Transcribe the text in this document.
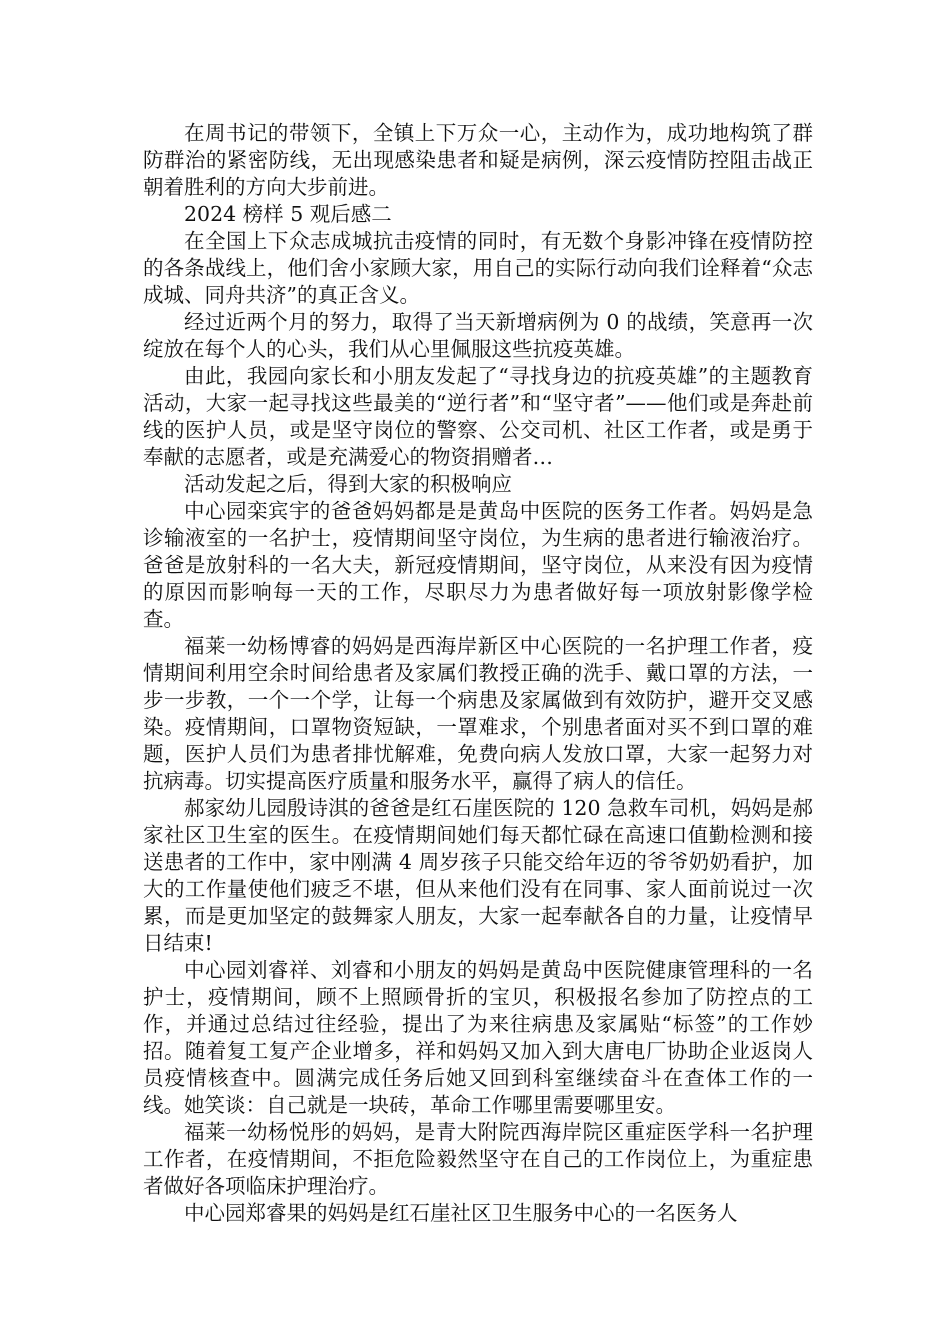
在周书记的带领下，全镇上下万众一心，主动作为，成功地构筑了群防群治的紧密防线，无出现感染患者和疑是病例，深云疫情防控阻击战正朝着胜利的方向大步前进。

2024 榜样 5 观后感二

在全国上下众志成城抗击疫情的同时，有无数个身影冲锋在疫情防控的各条战线上，他们舍小家顾大家，用自己的实际行动向我们诠释着“众志成城、同舟共济”的真正含义。

经过近两个月的努力，取得了当天新增病例为 0 的战绩，笑意再一次绽放在每个人的心头，我们从心里佩服这些抗疫英雄。

由此，我园向家长和小朋友发起了“寻找身边的抗疫英雄”的主题教育活动，大家一起寻找这些最美的“逆行者”和“坚守者”——他们或是奔赴前线的医护人员，或是坚守岗位的警察、公交司机、社区工作者，或是勇于奉献的志愿者，或是充满爱心的物资捐赠者…

活动发起之后，得到大家的积极响应

中心园栾宾宇的爸爸妈妈都是是黄岛中医院的医务工作者。妈妈是急诊输液室的一名护士，疫情期间坚守岗位，为生病的患者进行输液治疗。爸爸是放射科的一名大夫，新冠疫情期间，坚守岗位，从来没有因为疫情的原因而影响每一天的工作，尽职尽力为患者做好每一项放射影像学检查。

福莱一幼杨博睿的妈妈是西海岸新区中心医院的一名护理工作者，疫情期间利用空余时间给患者及家属们教授正确的洗手、戴口罩的方法，一步一步教，一个一个学，让每一个病患及家属做到有效防护，避开交叉感染。疫情期间，口罩物资短缺，一罩难求，个别患者面对买不到口罩的难题，医护人员们为患者排忧解难，免费向病人发放口罩，大家一起努力对抗病毒。切实提高医疗质量和服务水平，赢得了病人的信任。

郝家幼儿园殷诗淇的爸爸是红石崖医院的 120 急救车司机，妈妈是郝家社区卫生室的医生。在疫情期间她们每天都忙碌在高速口值勤检测和接送患者的工作中，家中刚满 4 周岁孩子只能交给年迈的爷爷奶奶看护，加大的工作量使他们疲乏不堪，但从来他们没有在同事、家人面前说过一次累，而是更加坚定的鼓舞家人朋友，大家一起奉献各自的力量，让疫情早日结束!

中心园刘睿祥、刘睿和小朋友的妈妈是黄岛中医院健康管理科的一名护士，疫情期间，顾不上照顾骨折的宝贝，积极报名参加了防控点的工作，并通过总结过往经验，提出了为来往病患及家属贴“标签”的工作妙招。随着复工复产企业增多，祥和妈妈又加入到大唐电厂协助企业返岗人员疫情核查中。圆满完成任务后她又回到科室继续奋斗在查体工作的一线。她笑谈：自己就是一块砖，革命工作哪里需要哪里安。

福莱一幼杨悦彤的妈妈，是青大附院西海岸院区重症医学科一名护理工作者，在疫情期间，不拒危险毅然坚守在自己的工作岗位上，为重症患者做好各项临床护理治疗。

中心园郑睿果的妈妈是红石崖社区卫生服务中心的一名医务人
